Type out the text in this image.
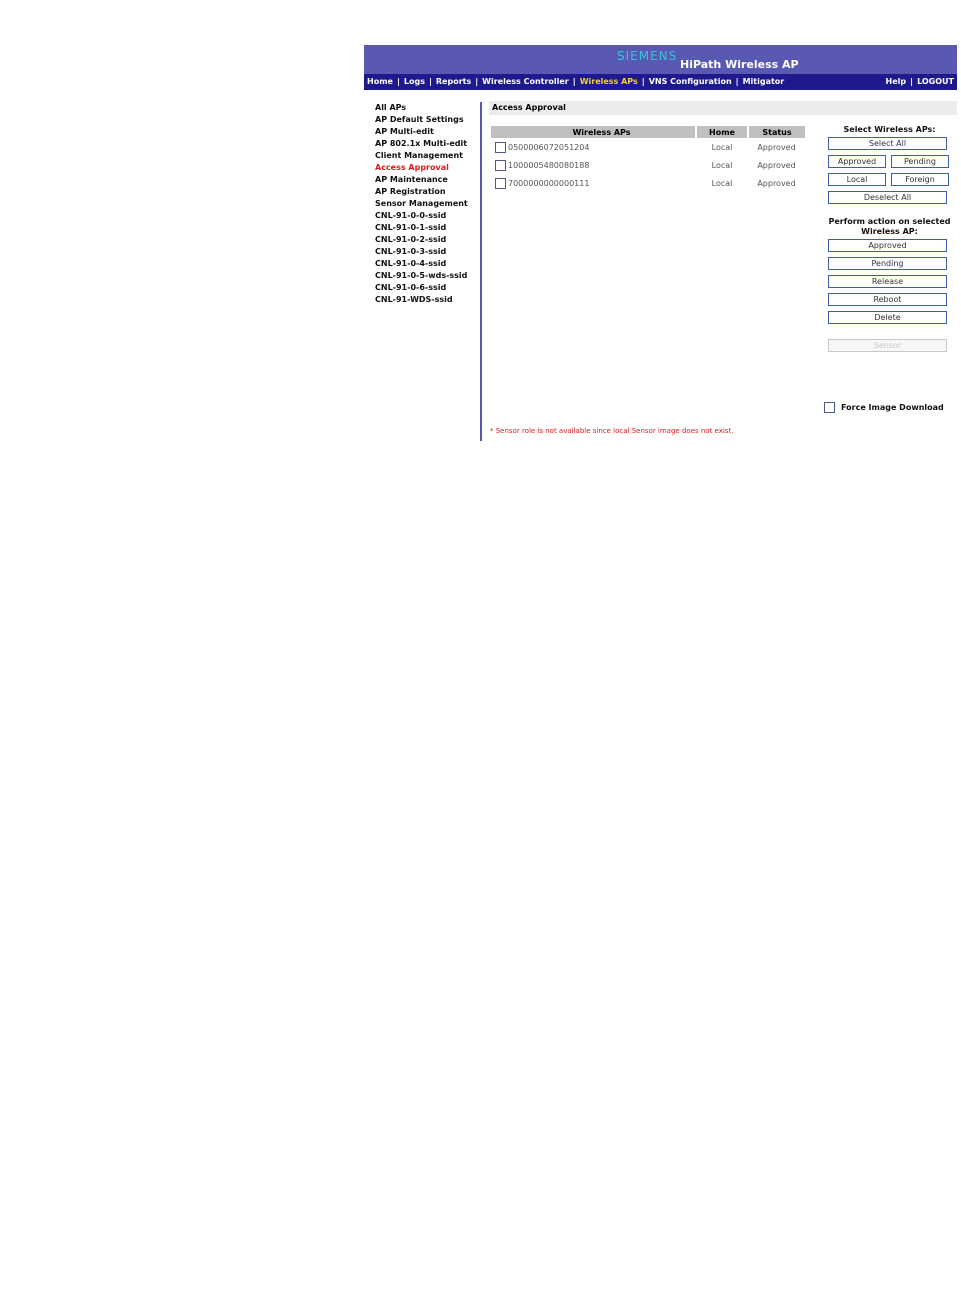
SIEMENS
HiPath Wireless AP
Home | Logs | Reports | Wireless Controller | Wireless APs | VNS Configuration | Mitigator	Help | LOGOUT
All APs
AP Default Settings
AP Multi-edit
AP 802.1x Multi-edit
Client Management
Access Approval
AP Maintenance
AP Registration
Sensor Management
CNL-91-0-0-ssid
CNL-91-0-1-ssid
CNL-91-0-2-ssid
CNL-91-0-3-ssid
CNL-91-0-4-ssid
CNL-91-0-5-wds-ssid
CNL-91-0-6-ssid
CNL-91-WDS-ssid
Access Approval
	Wireless APs	Home	Status
	0500006072051204	Local	Approved
	1000005480080188	Local	Approved
	7000000000000111	Local	Approved
Select Wireless APs:
Select All
Approved	Pending
Local	Foreign
Deselect All
Perform action on selected Wireless AP:
Approved
Pending
Release
Reboot
Delete
Sensor
Force Image Download
* Sensor role is not available since local Sensor image does not exist.
